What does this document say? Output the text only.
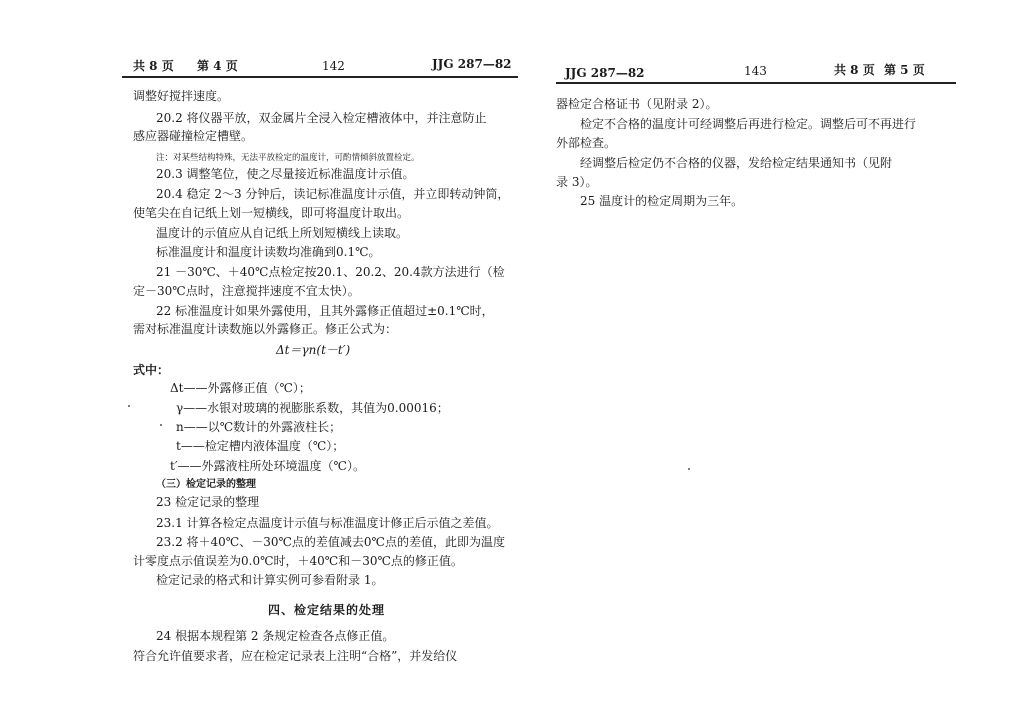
共 8 页 第 4 页	142	JJG 287—82
调整好搅拌速度。
20.2 将仪器平放，双金属片全浸入检定槽液体中，并注意防止
感应器碰撞检定槽壁。
注：对某些结构特殊，无法平放检定的温度计，可酌情倾斜放置检定。
20.3 调整笔位，使之尽量接近标准温度计示值。
20.4 稳定 2～3 分钟后，读记标准温度计示值，并立即转动钟筒，
使笔尖在自记纸上划一短横线，即可将温度计取出。
温度计的示值应从自记纸上所划短横线上读取。
标准温度计和温度计读数均准确到0.1℃。
21 －30℃、＋40℃点检定按20.1、20.2、20.4款方法进行（检
定－30℃点时，注意搅拌速度不宜太快）。
22 标准温度计如果外露使用，且其外露修正值超过±0.1℃时，
需对标准温度计读数施以外露修正。修正公式为：
Δt＝γn(t－t′)
式中：
Δt——外露修正值（℃）；
γ——水银对玻璃的视膨胀系数，其值为0.00016；
n——以℃数计的外露液柱长；
t——检定槽内液体温度（℃）；
t′——外露液柱所处环境温度（℃）。
（三）检定记录的整理
23 检定记录的整理
23.1 计算各检定点温度计示值与标准温度计修正后示值之差值。
23.2 将＋40℃、－30℃点的差值减去0℃点的差值，此即为温度
计零度点示值误差为0.0℃时，＋40℃和－30℃点的修正值。
检定记录的格式和计算实例可参看附录 1。
四、检定结果的处理
24 根据本规程第 2 条规定检查各点修正值。
符合允许值要求者，应在检定记录表上注明“合格”，并发给仪
JJG 287—82	143	共 8 页 第 5 页
器检定合格证书（见附录 2）。
检定不合格的温度计可经调整后再进行检定。调整后可不再进行
外部检查。
经调整后检定仍不合格的仪器，发给检定结果通知书（见附
录 3）。
25 温度计的检定周期为三年。
